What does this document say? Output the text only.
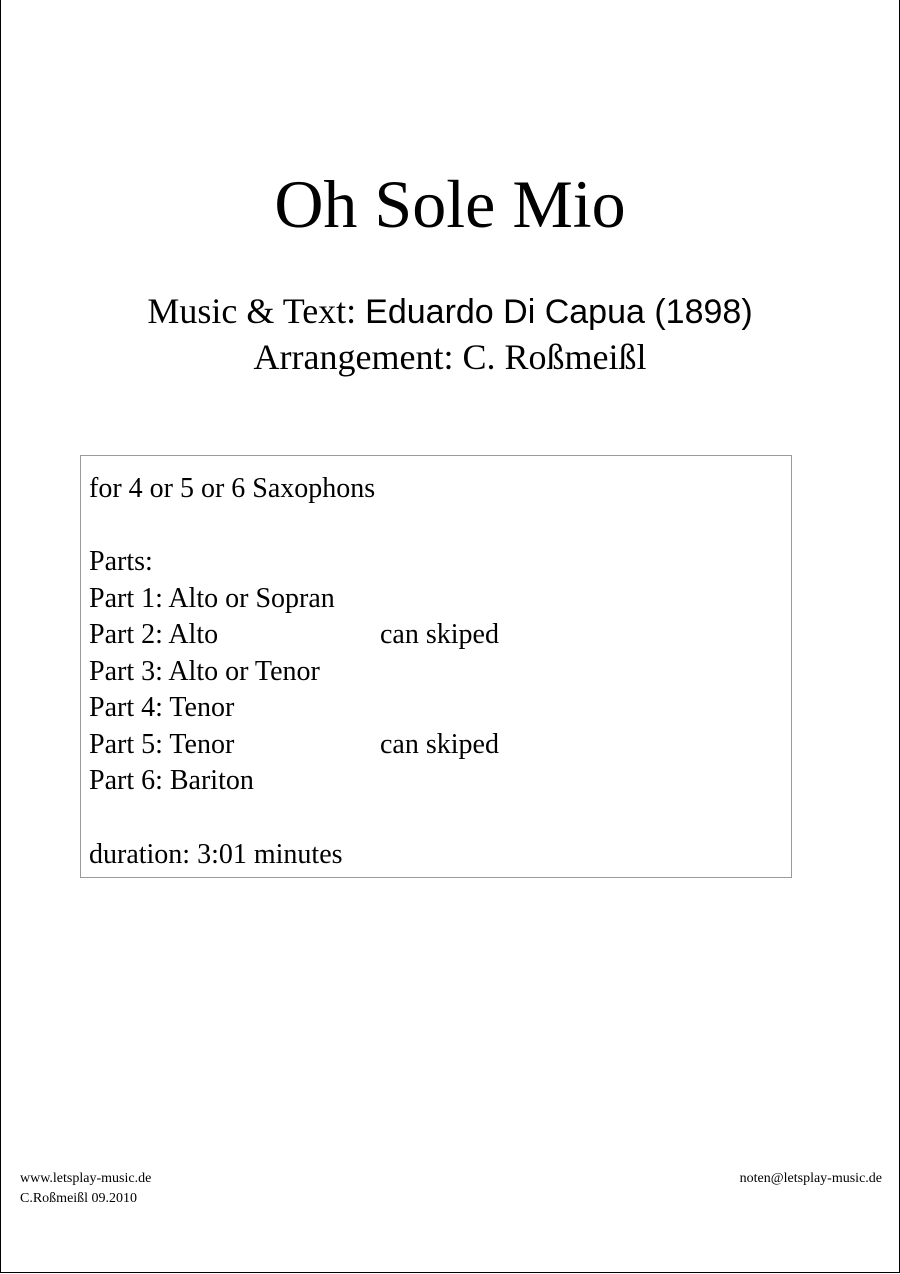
Oh Sole Mio
Music & Text: Eduardo Di Capua (1898)
Arrangement: C. Roßmeißl
for 4 or 5 or 6 Saxophons
Parts:
Part 1: Alto or Sopran
Part 2: Alto	can skiped
Part 3: Alto or Tenor
Part 4: Tenor
Part 5: Tenor	can skiped
Part 6: Bariton
duration: 3:01 minutes
www.letsplay-music.de
C.Roßmeißl 09.2010
noten@letsplay-music.de
